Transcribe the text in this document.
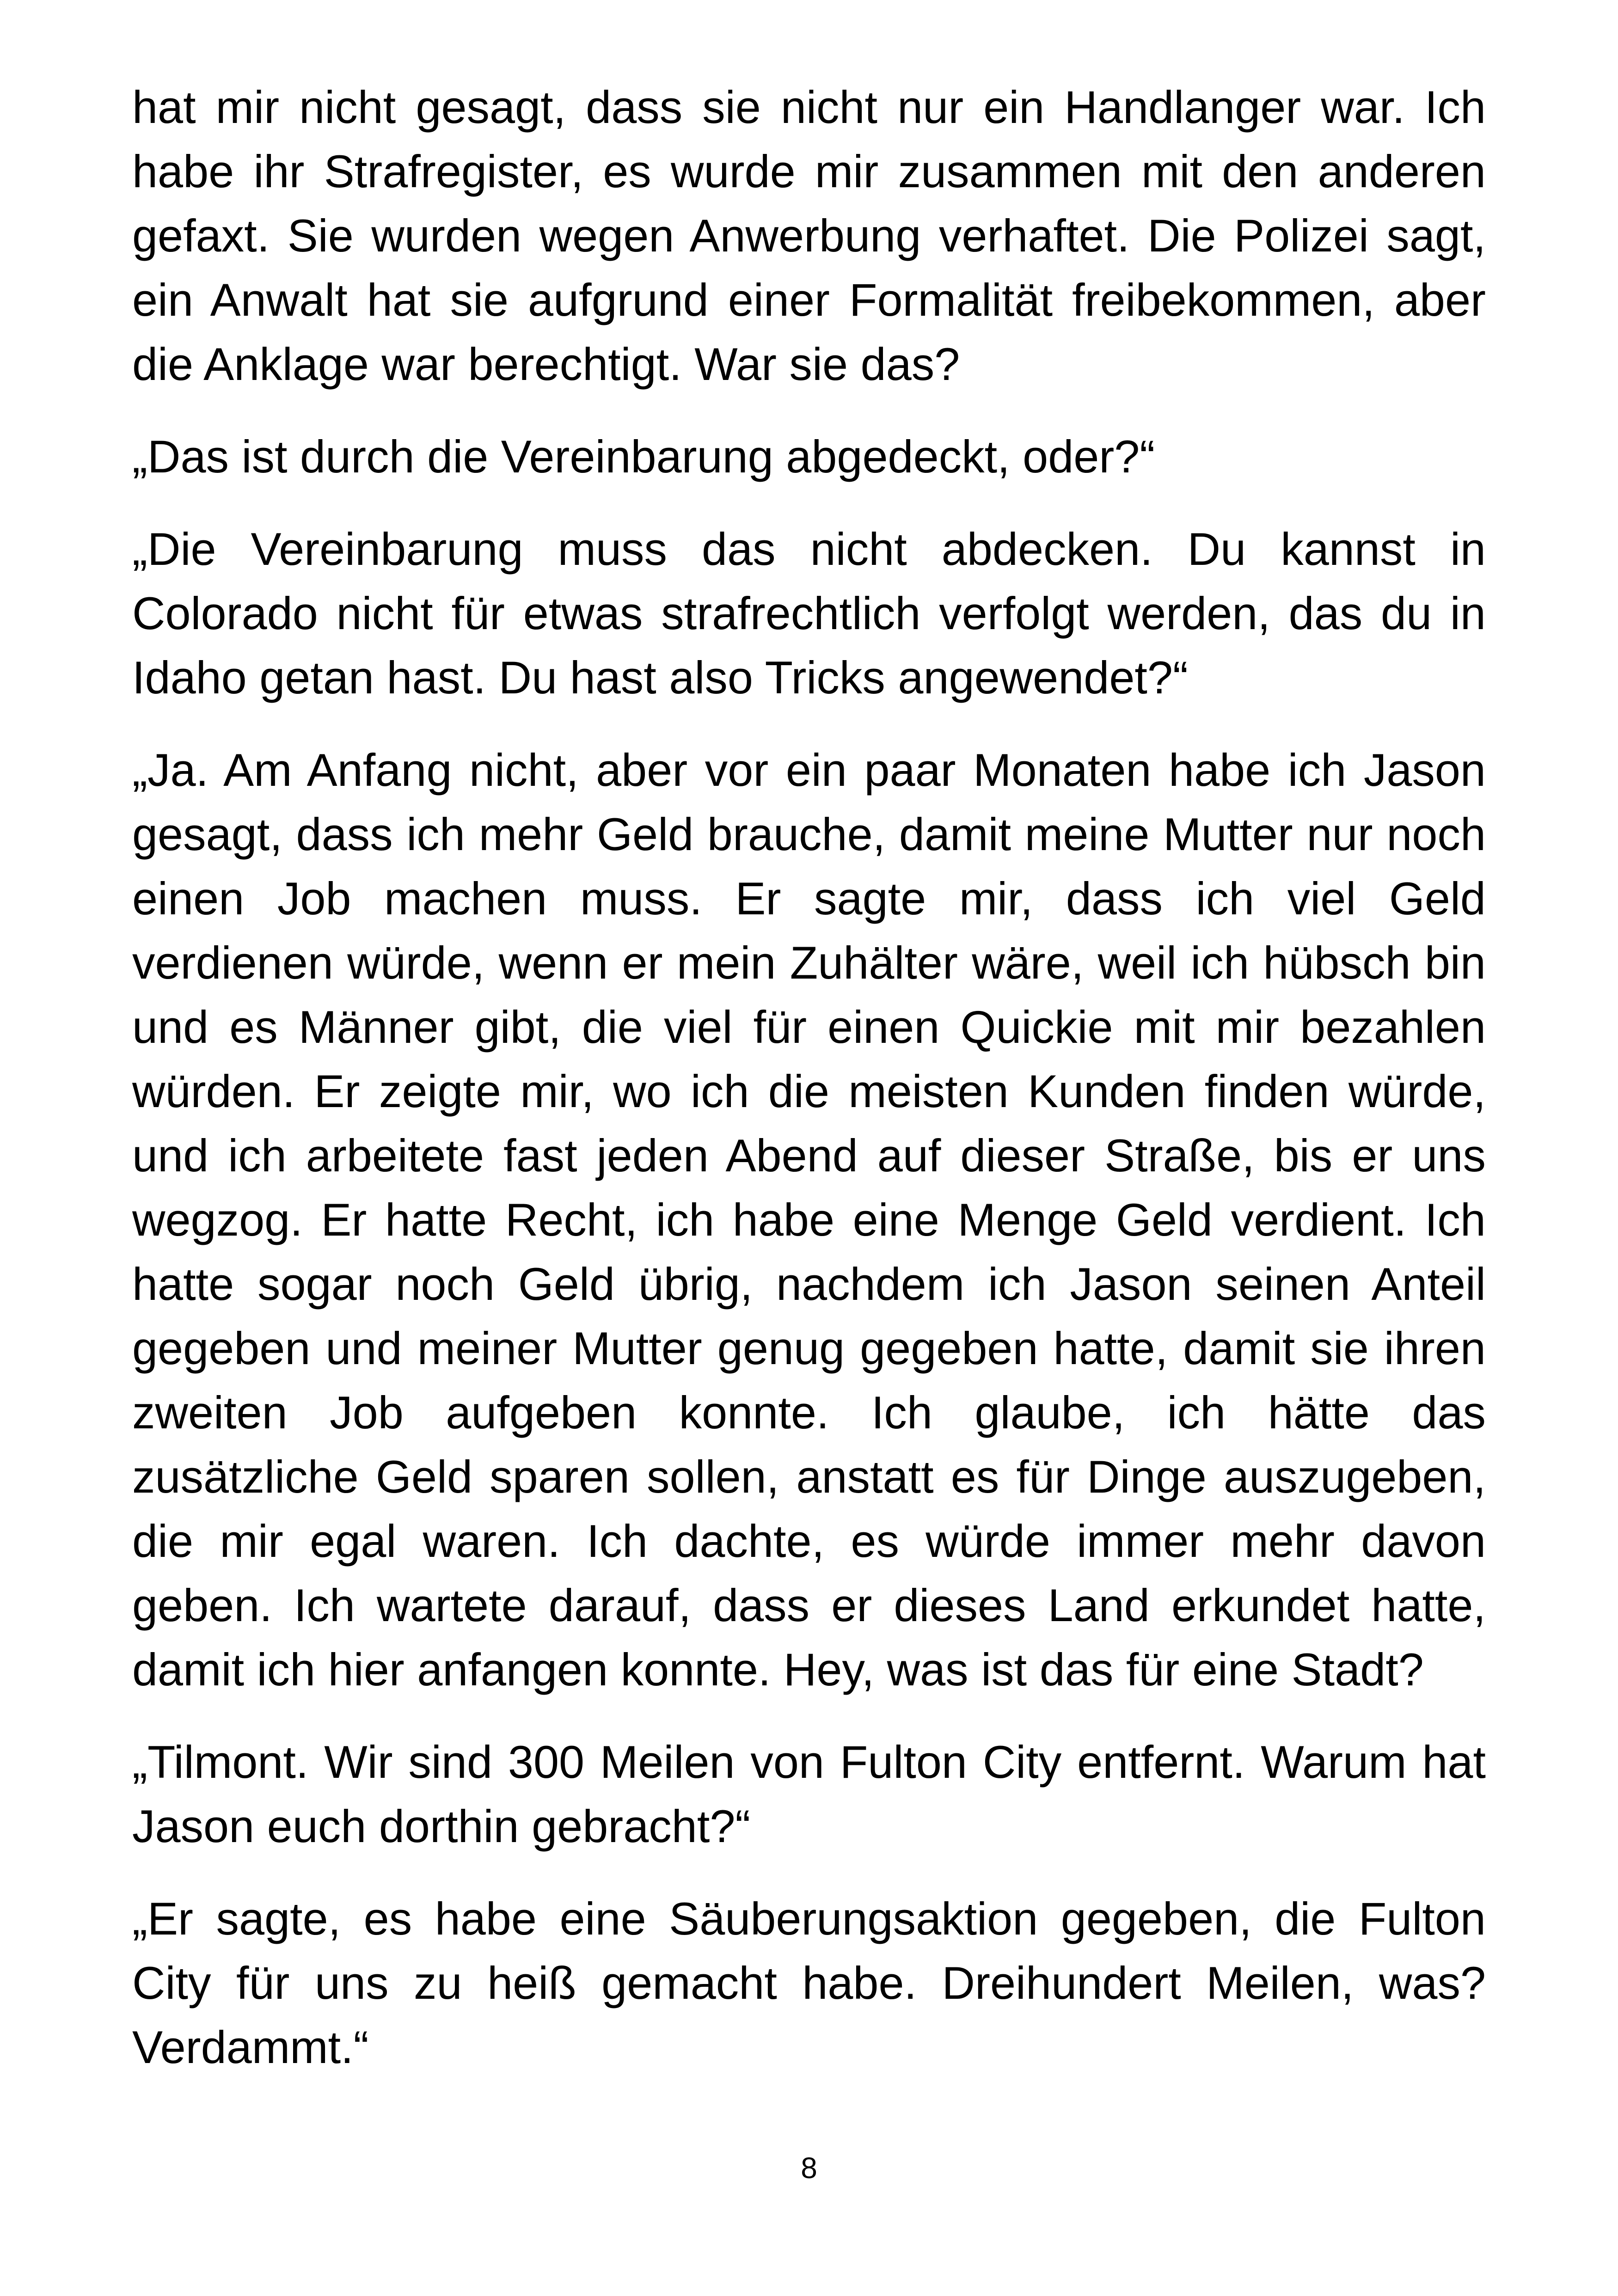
hat mir nicht gesagt, dass sie nicht nur ein Handlanger war. Ich habe ihr Strafregister, es wurde mir zusammen mit den anderen gefaxt. Sie wurden wegen Anwerbung verhaftet. Die Polizei sagt, ein Anwalt hat sie aufgrund einer Formalität freibekommen, aber die Anklage war berechtigt. War sie das?

„Das ist durch die Vereinbarung abgedeckt, oder?“

„Die Vereinbarung muss das nicht abdecken. Du kannst in Colorado nicht für etwas strafrechtlich verfolgt werden, das du in Idaho getan hast. Du hast also Tricks angewendet?“

„Ja. Am Anfang nicht, aber vor ein paar Monaten habe ich Jason gesagt, dass ich mehr Geld brauche, damit meine Mutter nur noch einen Job machen muss. Er sagte mir, dass ich viel Geld verdienen würde, wenn er mein Zuhälter wäre, weil ich hübsch bin und es Männer gibt, die viel für einen Quickie mit mir bezahlen würden. Er zeigte mir, wo ich die meisten Kunden finden würde, und ich arbeitete fast jeden Abend auf dieser Straße, bis er uns wegzog. Er hatte Recht, ich habe eine Menge Geld verdient. Ich hatte sogar noch Geld übrig, nachdem ich Jason seinen Anteil gegeben und meiner Mutter genug gegeben hatte, damit sie ihren zweiten Job aufgeben konnte. Ich glaube, ich hätte das zusätzliche Geld sparen sollen, anstatt es für Dinge auszugeben, die mir egal waren. Ich dachte, es würde immer mehr davon geben. Ich wartete darauf, dass er dieses Land erkundet hatte, damit ich hier anfangen konnte. Hey, was ist das für eine Stadt?

„Tilmont. Wir sind 300 Meilen von Fulton City entfernt. Warum hat Jason euch dorthin gebracht?“

„Er sagte, es habe eine Säuberungsaktion gegeben, die Fulton City für uns zu heiß gemacht habe. Dreihundert Meilen, was? Verdammt.“

8
